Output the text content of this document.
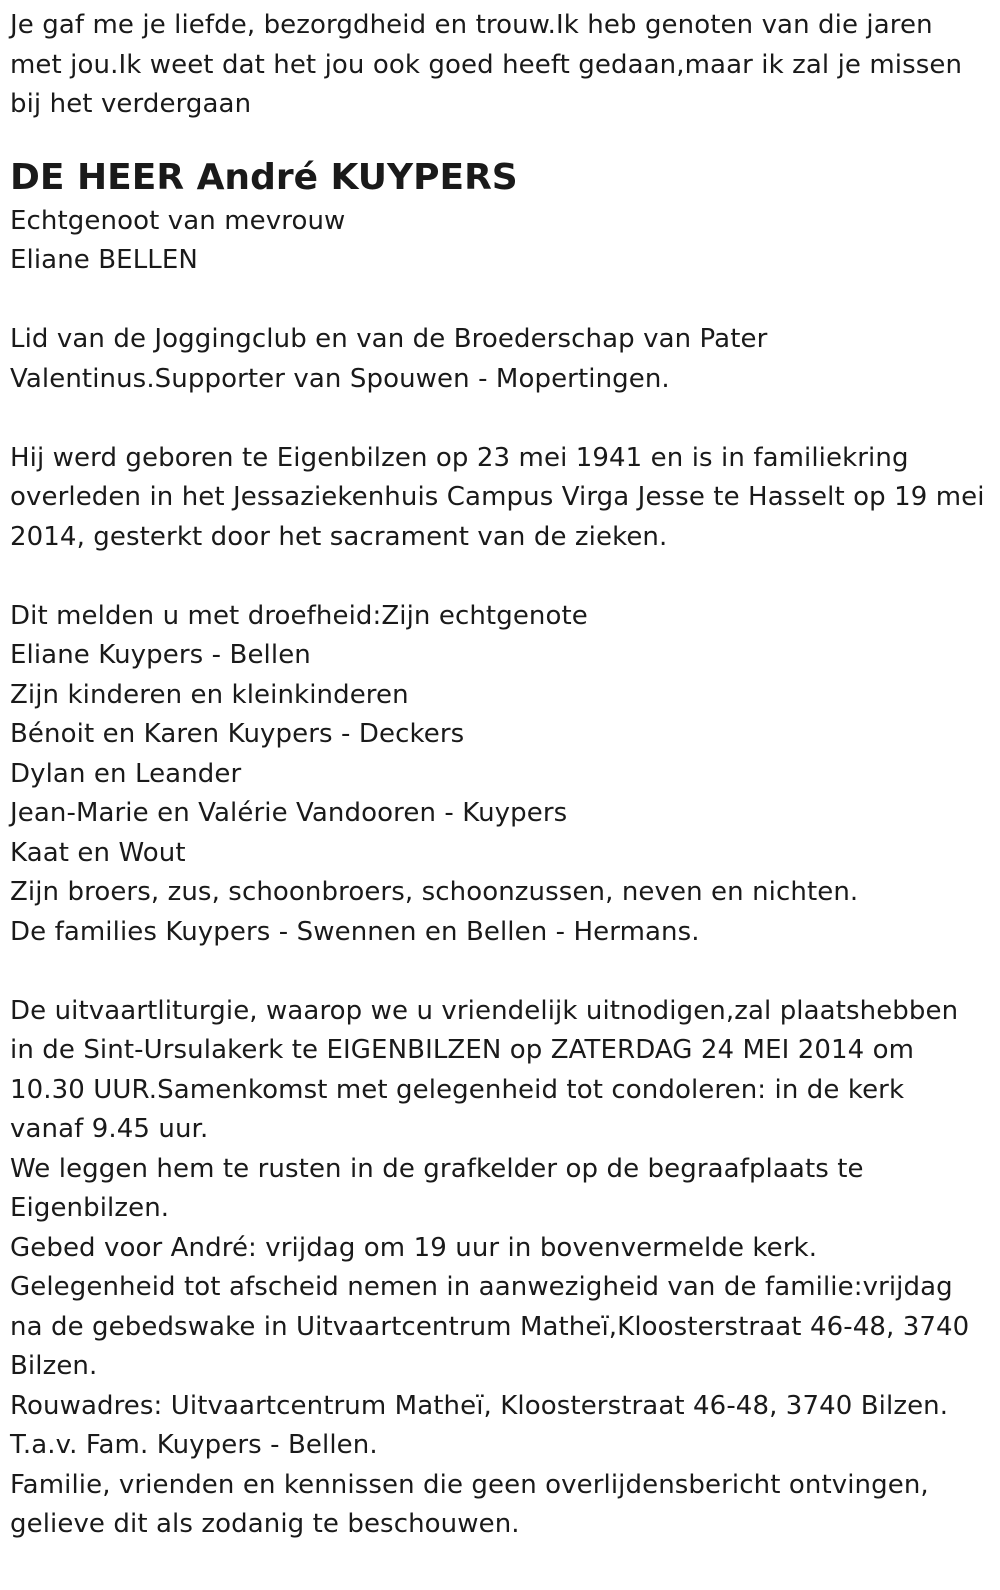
Je gaf me je liefde, bezorgdheid en trouw.Ik heb genoten van die jaren
met jou.Ik weet dat het jou ook goed heeft gedaan,maar ik zal je missen
bij het verdergaan
DE HEER André KUYPERS
Echtgenoot van mevrouw
Eliane BELLEN
Lid van de Joggingclub en van de Broederschap van Pater
Valentinus.Supporter van Spouwen - Mopertingen.
Hij werd geboren te Eigenbilzen op 23 mei 1941 en is in familiekring
overleden in het Jessaziekenhuis Campus Virga Jesse te Hasselt op 19 mei
2014, gesterkt door het sacrament van de zieken.
Dit melden u met droefheid:Zijn echtgenote
Eliane Kuypers - Bellen
Zijn kinderen en kleinkinderen
Bénoit en Karen Kuypers - Deckers
Dylan en Leander
Jean-Marie en Valérie Vandooren - Kuypers
Kaat en Wout
Zijn broers, zus, schoonbroers, schoonzussen, neven en nichten.
De families Kuypers - Swennen en Bellen - Hermans.
De uitvaartliturgie, waarop we u vriendelijk uitnodigen,zal plaatshebben
in de Sint-Ursulakerk te EIGENBILZEN op ZATERDAG 24 MEI 2014 om
10.30 UUR.Samenkomst met gelegenheid tot condoleren: in de kerk
vanaf 9.45 uur.
We leggen hem te rusten in de grafkelder op de begraafplaats te
Eigenbilzen.
Gebed voor André: vrijdag om 19 uur in bovenvermelde kerk.
Gelegenheid tot afscheid nemen in aanwezigheid van de familie:vrijdag
na de gebedswake in Uitvaartcentrum Matheï,Kloosterstraat 46-48, 3740
Bilzen.
Rouwadres: Uitvaartcentrum Matheï, Kloosterstraat 46-48, 3740 Bilzen.
T.a.v. Fam. Kuypers - Bellen.
Familie, vrienden en kennissen die geen overlijdensbericht ontvingen,
gelieve dit als zodanig te beschouwen.
